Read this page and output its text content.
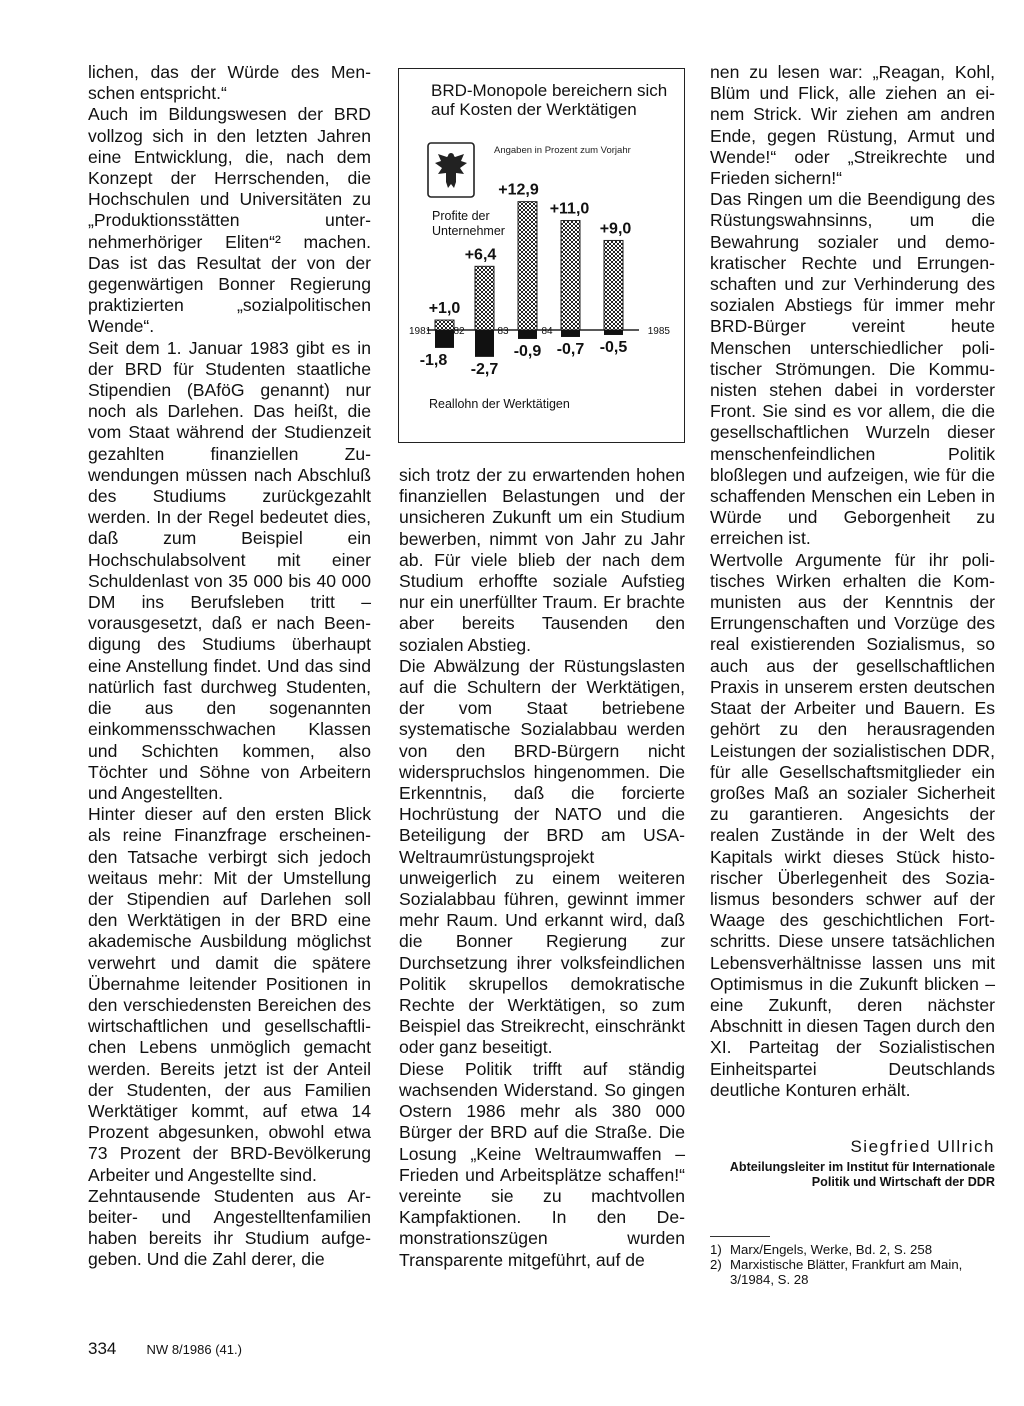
lichen, das der Würde des Menschen entspricht.“

Auch im Bildungswesen der BRD vollzog sich in den letzten Jahren eine Entwicklung, die, nach dem Konzept der Herrschenden, die Hochschulen und Universitäten zu „Produktionsstätten unternehmerhöriger Eliten“² machen. Das ist das Resultat der von der gegenwärtigen Bonner Regierung praktizierten „sozialpolitischen Wende“.

Seit dem 1. Januar 1983 gibt es in der BRD für Studenten staatliche Stipendien (BAföG genannt) nur noch als Darlehen. Das heißt, die vom Staat während der Studienzeit gezahlten finanziellen Zuwendungen müssen nach Abschluß des Studiums zurückgezahlt werden. In der Regel bedeutet dies, daß zum Beispiel ein Hochschulabsolvent mit einer Schuldenlast von 35 000 bis 40 000 DM ins Berufsleben tritt – vorausgesetzt, daß er nach Beendigung des Studiums überhaupt eine Anstellung findet. Und das sind natürlich fast durchweg Studenten, die aus den sogenannten einkommensschwachen Klassen und Schichten kommen, also Töchter und Söhne von Arbeitern und Angestellten.

Hinter dieser auf den ersten Blick als reine Finanzfrage erscheinenden Tatsache verbirgt sich jedoch weitaus mehr: Mit der Umstellung der Stipendien auf Darlehen soll den Werktätigen in der BRD eine akademische Ausbildung möglichst verwehrt und damit die spätere Übernahme leitender Positionen in den verschiedensten Bereichen des wirtschaftlichen und gesellschaftlichen Lebens unmöglich gemacht werden. Bereits jetzt ist der Anteil der Studenten, der aus Familien Werktätiger kommt, auf etwa 14 Prozent abgesunken, obwohl etwa 73 Prozent der BRD-Bevölkerung Arbeiter und Angestellte sind.

Zehntausende Studenten aus Arbeiter- und Angestelltenfamilien haben bereits ihr Studium aufgegeben. Und die Zahl derer, die

Angaben in Prozent zum Vorjahr
Profite der
Unternehmer
+1,0
+6,4
+12,9
+11,0
+9,0
-1,8
-2,7
-0,9 -0,7 -0,5
1981 82	83	84	1985
Reallohn der Werktätigen
BRD-Monopole bereichern sich auf Kosten der Werktätigen

sich trotz der zu erwartenden hohen finanziellen Belastungen und der unsicheren Zukunft um ein Studium bewerben, nimmt von Jahr zu Jahr ab. Für viele blieb der nach dem Studium erhoffte soziale Aufstieg nur ein unerfüllter Traum. Er brachte aber bereits Tausenden den sozialen Abstieg.

Die Abwälzung der Rüstungslasten auf die Schultern der Werktätigen, der vom Staat betriebene systematische Sozialabbau werden von den BRD-Bürgern nicht widerspruchslos hingenommen. Die Erkenntnis, daß die forcierte Hochrüstung der NATO und die Beteiligung der BRD am USA-Weltraumrüstungsprojekt unweigerlich zu einem weiteren Sozialabbau führen, gewinnt immer mehr Raum. Und erkannt wird, daß die Bonner Regierung zur Durchsetzung ihrer volksfeindlichen Politik skrupellos demokratische Rechte der Werktätigen, so zum Beispiel das Streikrecht, einschränkt oder ganz beseitigt.

Diese Politik trifft auf ständig wachsenden Widerstand. So gingen Ostern 1986 mehr als 380 000 Bürger der BRD auf die Straße. Die Losung „Keine Weltraumwaffen – Frieden und Arbeitsplätze schaffen!“ vereinte sie zu machtvollen Kampfaktionen. In den Demonstrationszügen wurden Transparente mitgeführt, auf de

nen zu lesen war: „Reagan, Kohl, Blüm und Flick, alle ziehen an einem Strick. Wir ziehen am andren Ende, gegen Rüstung, Armut und Wende!“ oder „Streikrechte und Frieden sichern!“

Das Ringen um die Beendigung des Rüstungswahnsinns, um die Bewahrung sozialer und demokratischer Rechte und Errungenschaften und zur Verhinderung des sozialen Abstiegs für immer mehr BRD-Bürger vereint heute Menschen unterschiedlicher politischer Strömungen. Die Kommunisten stehen dabei in vorderster Front. Sie sind es vor allem, die die gesellschaftlichen Wurzeln dieser menschenfeindlichen Politik bloßlegen und aufzeigen, wie für die schaffenden Menschen ein Leben in Würde und Geborgenheit zu erreichen ist.

Wertvolle Argumente für ihr politisches Wirken erhalten die Kommunisten aus der Kenntnis der Errungenschaften und Vorzüge des real existierenden Sozialismus, so auch aus der gesellschaftlichen Praxis in unserem ersten deutschen Staat der Arbeiter und Bauern. Es gehört zu den herausragenden Leistungen der sozialistischen DDR, für alle Gesellschaftsmitglieder ein großes Maß an sozialer Sicherheit zu garantieren. Angesichts der realen Zustände in der Welt des Kapitals wirkt dieses Stück historischer Überlegenheit des Sozialismus besonders schwer auf der Waage des geschichtlichen Fortschritts. Diese unsere tatsächlichen Lebensverhältnisse lassen uns mit Optimismus in die Zukunft blicken – eine Zukunft, deren nächster Abschnitt in diesen Tagen durch den XI. Parteitag der Sozialistischen Einheitspartei Deutschlands deutliche Konturen erhält.

Siegfried Ullrich
Abteilungsleiter im Institut für Internationale Politik und Wirtschaft der DDR
1) Marx/Engels, Werke, Bd. 2, S. 258
2) Marxistische Blätter, Frankfurt am Main, 3/1984, S. 28
334 NW 8/1986 (41.)
